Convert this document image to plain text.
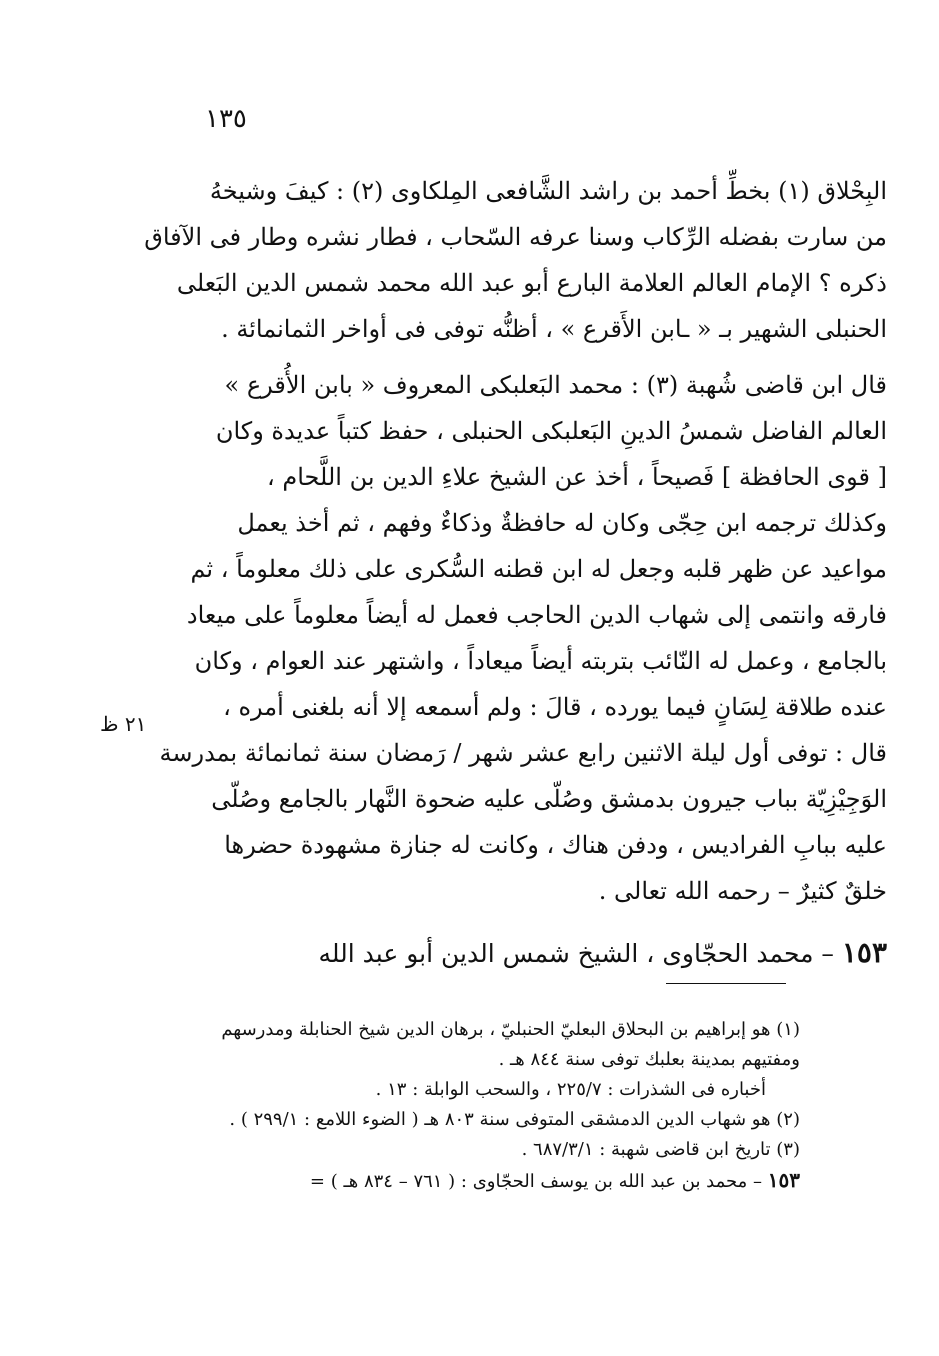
١٣٥
البِحْلاق (١) بخطِّ أحمد بن راشد الشَّافعى المِلكاوى (٢) : كيفَ وشيخهُ
من سارت بفضله الرِّكاب وسنا عرفه السّحاب ، فطار نشره وطار فى الآفاق
ذكره ؟ الإمام العالم العلامة البارع أبو عبد الله محمد شمس الدين البَعلى
الحنبلى الشهير بـ « ـابن الأَقرع » ، أظنُّه توفى فى أواخر الثمانمائة .
قال ابن قاضى شُهبة (٣) : محمد البَعلبكى المعروف « بابن الأُقرع »
العالم الفاضل شمسُ الدينِ البَعلبكى الحنبلى ، حفظ كتباً عديدة وكان
[ قوى الحافظة ] فَصيحاً ، أخذ عن الشيخ علاءِ الدين بن اللَّحام ،
وكذلك ترجمه ابن حِجّى وكان له حافظةٌ وذكاءٌ وفهم ، ثم أخذ يعمل
مواعيد عن ظهر قلبه وجعل له ابن قطنه السُّكرى على ذلك معلوماً ، ثم
فارقه وانتمى إلى شهاب الدين الحاجب فعمل له أيضاً معلوماً على ميعاد
بالجامع ، وعمل له النّائب بتربته أيضاً ميعاداً ، واشتهر عند العوام ، وكان
عنده طلاقة لِسَانٍ فيما يورده ، قالَ : ولم أسمعه إلا أنه بلغنى أمره ،
قال : توفى أول ليلة الاثنين رابع عشر شهر / رَمضان سنة ثمانمائة بمدرسة
الوَجِيْزِيّة بباب جيرون بدمشق وصُلّى عليه ضحوة النَّهار بالجامع وصُلّى
عليه ببابِ الفراديس ، ودفن هناك ، وكانت له جنازة مشهودة حضرها
خلقٌ كثيرٌ – رحمه الله تعالى .
١٥٣ – محمد الحجّاوى ، الشيخ شمس الدين أبو عبد الله
٢١ ظ
(١) هو إبراهيم بن البحلاق البعليّ الحنبليّ ، برهان الدين شيخ الحنابلة ومدرسهم
ومفتيهم بمدينة بعلبك توفى سنة ٨٤٤ هـ .
أخباره فى الشذرات : ٢٢٥/٧ ، والسحب الوابلة : ١٣ .
(٢) هو شهاب الدين الدمشقى المتوفى سنة ٨٠٣ هـ ( الضوء اللامع : ٢٩٩/١ ) .
(٣) تاريخ ابن قاضى شهبة : ٦٨٧/٣/١ .
١٥٣ – محمد بن عبد الله بن يوسف الحجّاوى : ( ٧٦١ – ٨٣٤ هـ ) =
